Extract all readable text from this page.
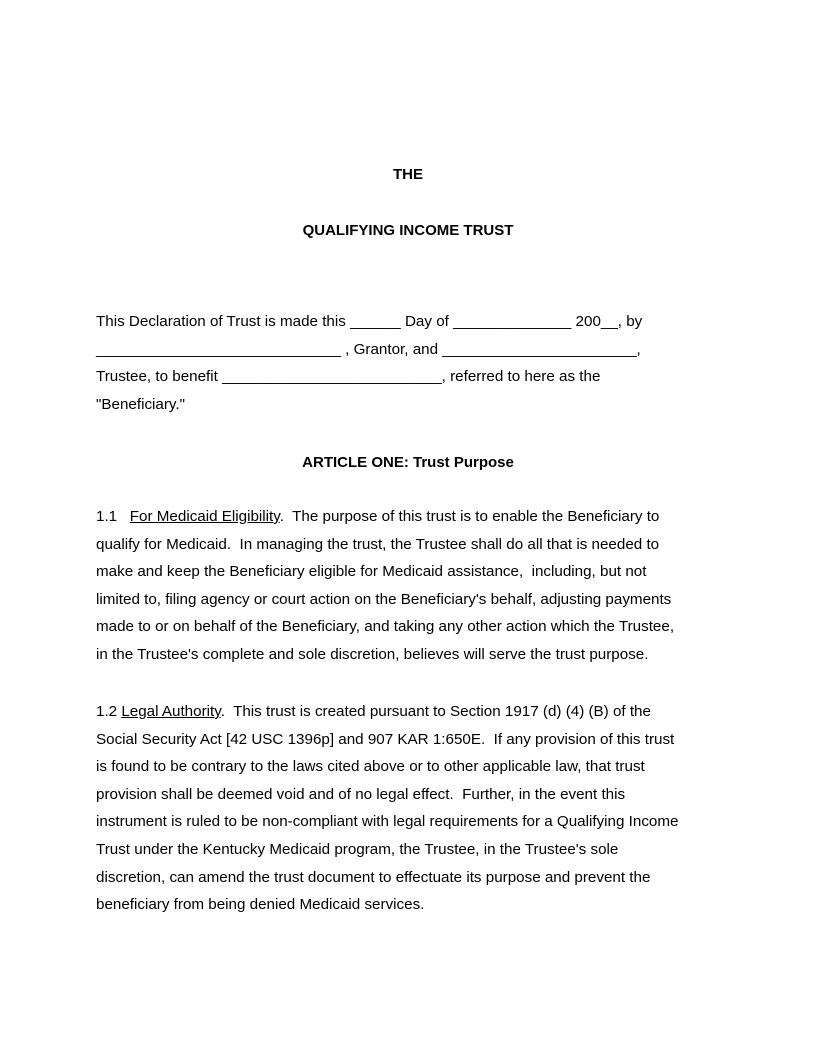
THE

QUALIFYING INCOME TRUST

This Declaration of Trust is made this ______ Day of ______________ 200__, by
_____________________________ , Grantor, and _______________________,
Trustee, to benefit __________________________, referred to here as the
"Beneficiary."

ARTICLE ONE: Trust Purpose

1.1   For Medicaid Eligibility.  The purpose of this trust is to enable the Beneficiary to
qualify for Medicaid.  In managing the trust, the Trustee shall do all that is needed to
make and keep the Beneficiary eligible for Medicaid assistance,  including, but not
limited to, filing agency or court action on the Beneficiary's behalf, adjusting payments
made to or on behalf of the Beneficiary, and taking any other action which the Trustee,
in the Trustee's complete and sole discretion, believes will serve the trust purpose.
1.2 Legal Authority.  This trust is created pursuant to Section 1917 (d) (4) (B) of the
Social Security Act [42 USC 1396p] and 907 KAR 1:650E.  If any provision of this trust
is found to be contrary to the laws cited above or to other applicable law, that trust
provision shall be deemed void and of no legal effect.  Further, in the event this
instrument is ruled to be non-compliant with legal requirements for a Qualifying Income
Trust under the Kentucky Medicaid program, the Trustee, in the Trustee's sole
discretion, can amend the trust document to effectuate its purpose and prevent the
beneficiary from being denied Medicaid services.
